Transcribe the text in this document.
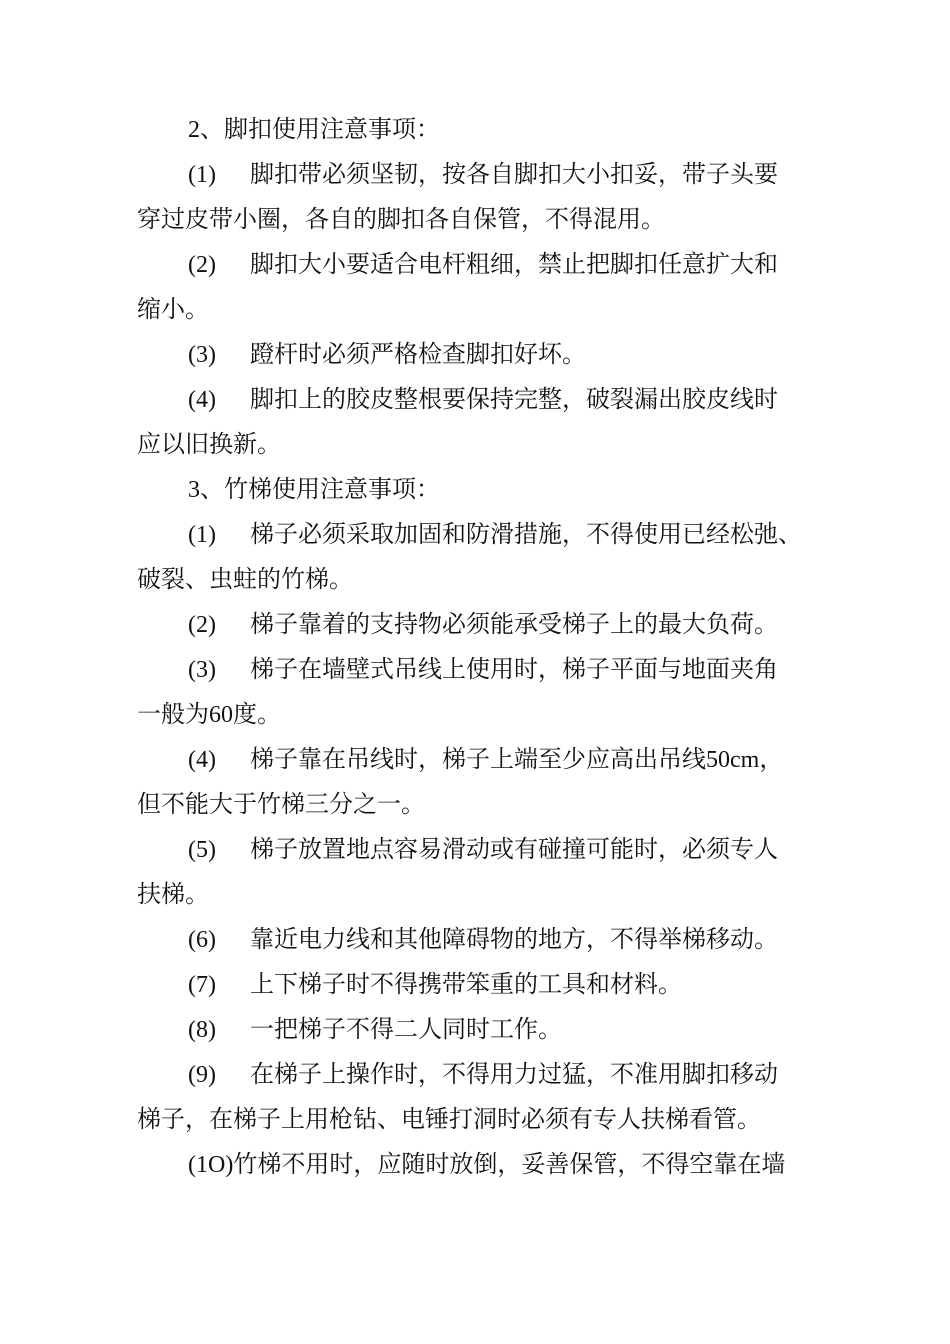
2、脚扣使用注意事项：
(1) 脚扣带必须坚韧，按各自脚扣大小扣妥，带子头要
穿过皮带小圈，各自的脚扣各自保管，不得混用。
(2) 脚扣大小要适合电杆粗细，禁止把脚扣任意扩大和
缩小。
(3) 蹬杆时必须严格检查脚扣好坏。
(4) 脚扣上的胶皮整根要保持完整，破裂漏出胶皮线时
应以旧换新。
3、竹梯使用注意事项：
(1) 梯子必须采取加固和防滑措施，不得使用已经松弛、
破裂、虫蛀的竹梯。
(2) 梯子靠着的支持物必须能承受梯子上的最大负荷。
(3) 梯子在墙壁式吊线上使用时，梯子平面与地面夹角
一般为60度。
(4) 梯子靠在吊线时，梯子上端至少应高出吊线50cm，
但不能大于竹梯三分之一。
(5) 梯子放置地点容易滑动或有碰撞可能时，必须专人
扶梯。
(6) 靠近电力线和其他障碍物的地方，不得举梯移动。
(7) 上下梯子时不得携带笨重的工具和材料。
(8) 一把梯子不得二人同时工作。
(9) 在梯子上操作时，不得用力过猛，不准用脚扣移动
梯子，在梯子上用枪钻、电锤打洞时必须有专人扶梯看管。
(1O)竹梯不用时，应随时放倒，妥善保管，不得空靠在墙
